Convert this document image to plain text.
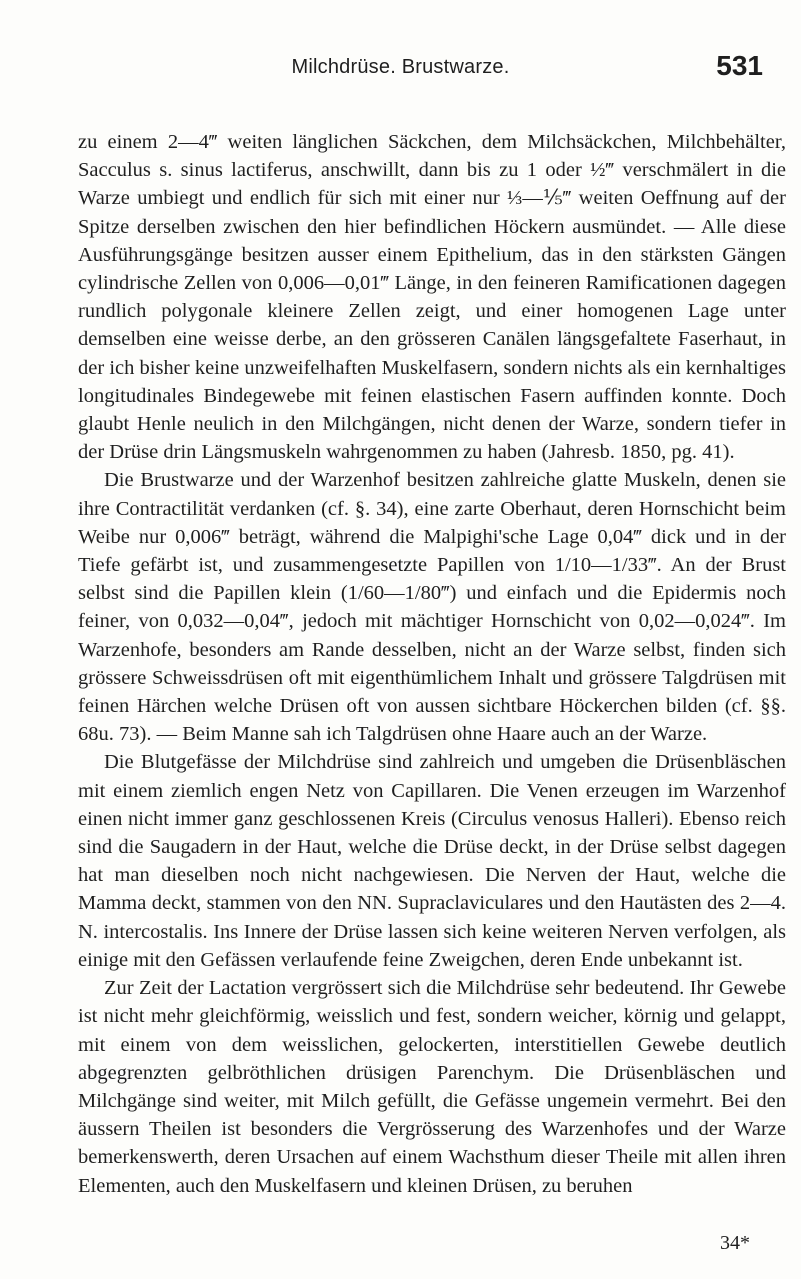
Milchdrüse. Brustwarze.	531

zu einem 2—4‴ weiten länglichen Säckchen, dem Milchsäckchen, Milchbehälter, Sacculus s. sinus lactiferus, anschwillt, dann bis zu 1 oder ½‴ verschmälert in die Warze umbiegt und endlich für sich mit einer nur ⅓—⅕‴ weiten Oeffnung auf der Spitze derselben zwischen den hier befindlichen Höckern ausmündet. — Alle diese Ausführungsgänge besitzen ausser einem Epithelium, das in den stärksten Gängen cylindrische Zellen von 0,006—0,01‴ Länge, in den feineren Ramificationen dagegen rundlich polygonale kleinere Zellen zeigt, und einer homogenen Lage unter demselben eine weisse derbe, an den grösseren Canälen längsgefaltete Faserhaut, in der ich bisher keine unzweifelhaften Muskelfasern, sondern nichts als ein kernhaltiges longitudinales Bindegewebe mit feinen elastischen Fasern auffinden konnte. Doch glaubt Henle neulich in den Milchgängen, nicht denen der Warze, sondern tiefer in der Drüse drin Längsmuskeln wahrgenommen zu haben (Jahresb. 1850, pg. 41).

Die Brustwarze und der Warzenhof besitzen zahlreiche glatte Muskeln, denen sie ihre Contractilität verdanken (cf. §. 34), eine zarte Oberhaut, deren Hornschicht beim Weibe nur 0,006‴ beträgt, während die Malpighi'sche Lage 0,04‴ dick und in der Tiefe gefärbt ist, und zusammengesetzte Papillen von 1/10—1/33‴. An der Brust selbst sind die Papillen klein (1/60—1/80‴) und einfach und die Epidermis noch feiner, von 0,032—0,04‴, jedoch mit mächtiger Hornschicht von 0,02—0,024‴. Im Warzenhofe, besonders am Rande desselben, nicht an der Warze selbst, finden sich grössere Schweissdrüsen oft mit eigenthümlichem Inhalt und grössere Talgdrüsen mit feinen Härchen welche Drüsen oft von aussen sichtbare Höckerchen bilden (cf. §§. 68u. 73). — Beim Manne sah ich Talgdrüsen ohne Haare auch an der Warze.

Die Blutgefässe der Milchdrüse sind zahlreich und umgeben die Drüsenbläschen mit einem ziemlich engen Netz von Capillaren. Die Venen erzeugen im Warzenhof einen nicht immer ganz geschlossenen Kreis (Circulus venosus Halleri). Ebenso reich sind die Saugadern in der Haut, welche die Drüse deckt, in der Drüse selbst dagegen hat man dieselben noch nicht nachgewiesen. Die Nerven der Haut, welche die Mamma deckt, stammen von den NN. Supraclaviculares und den Hautästen des 2—4. N. intercostalis. Ins Innere der Drüse lassen sich keine weiteren Nerven verfolgen, als einige mit den Gefässen verlaufende feine Zweigchen, deren Ende unbekannt ist.

Zur Zeit der Lactation vergrössert sich die Milchdrüse sehr bedeutend. Ihr Gewebe ist nicht mehr gleichförmig, weisslich und fest, sondern weicher, körnig und gelappt, mit einem von dem weisslichen, gelockerten, interstitiellen Gewebe deutlich abgegrenzten gelbröthlichen drüsigen Parenchym. Die Drüsenbläschen und Milchgänge sind weiter, mit Milch gefüllt, die Gefässe ungemein vermehrt. Bei den äussern Theilen ist besonders die Vergrösserung des Warzenhofes und der Warze bemerkenswerth, deren Ursachen auf einem Wachsthum dieser Theile mit allen ihren Elementen, auch den Muskelfasern und kleinen Drüsen, zu beruhen

34*
